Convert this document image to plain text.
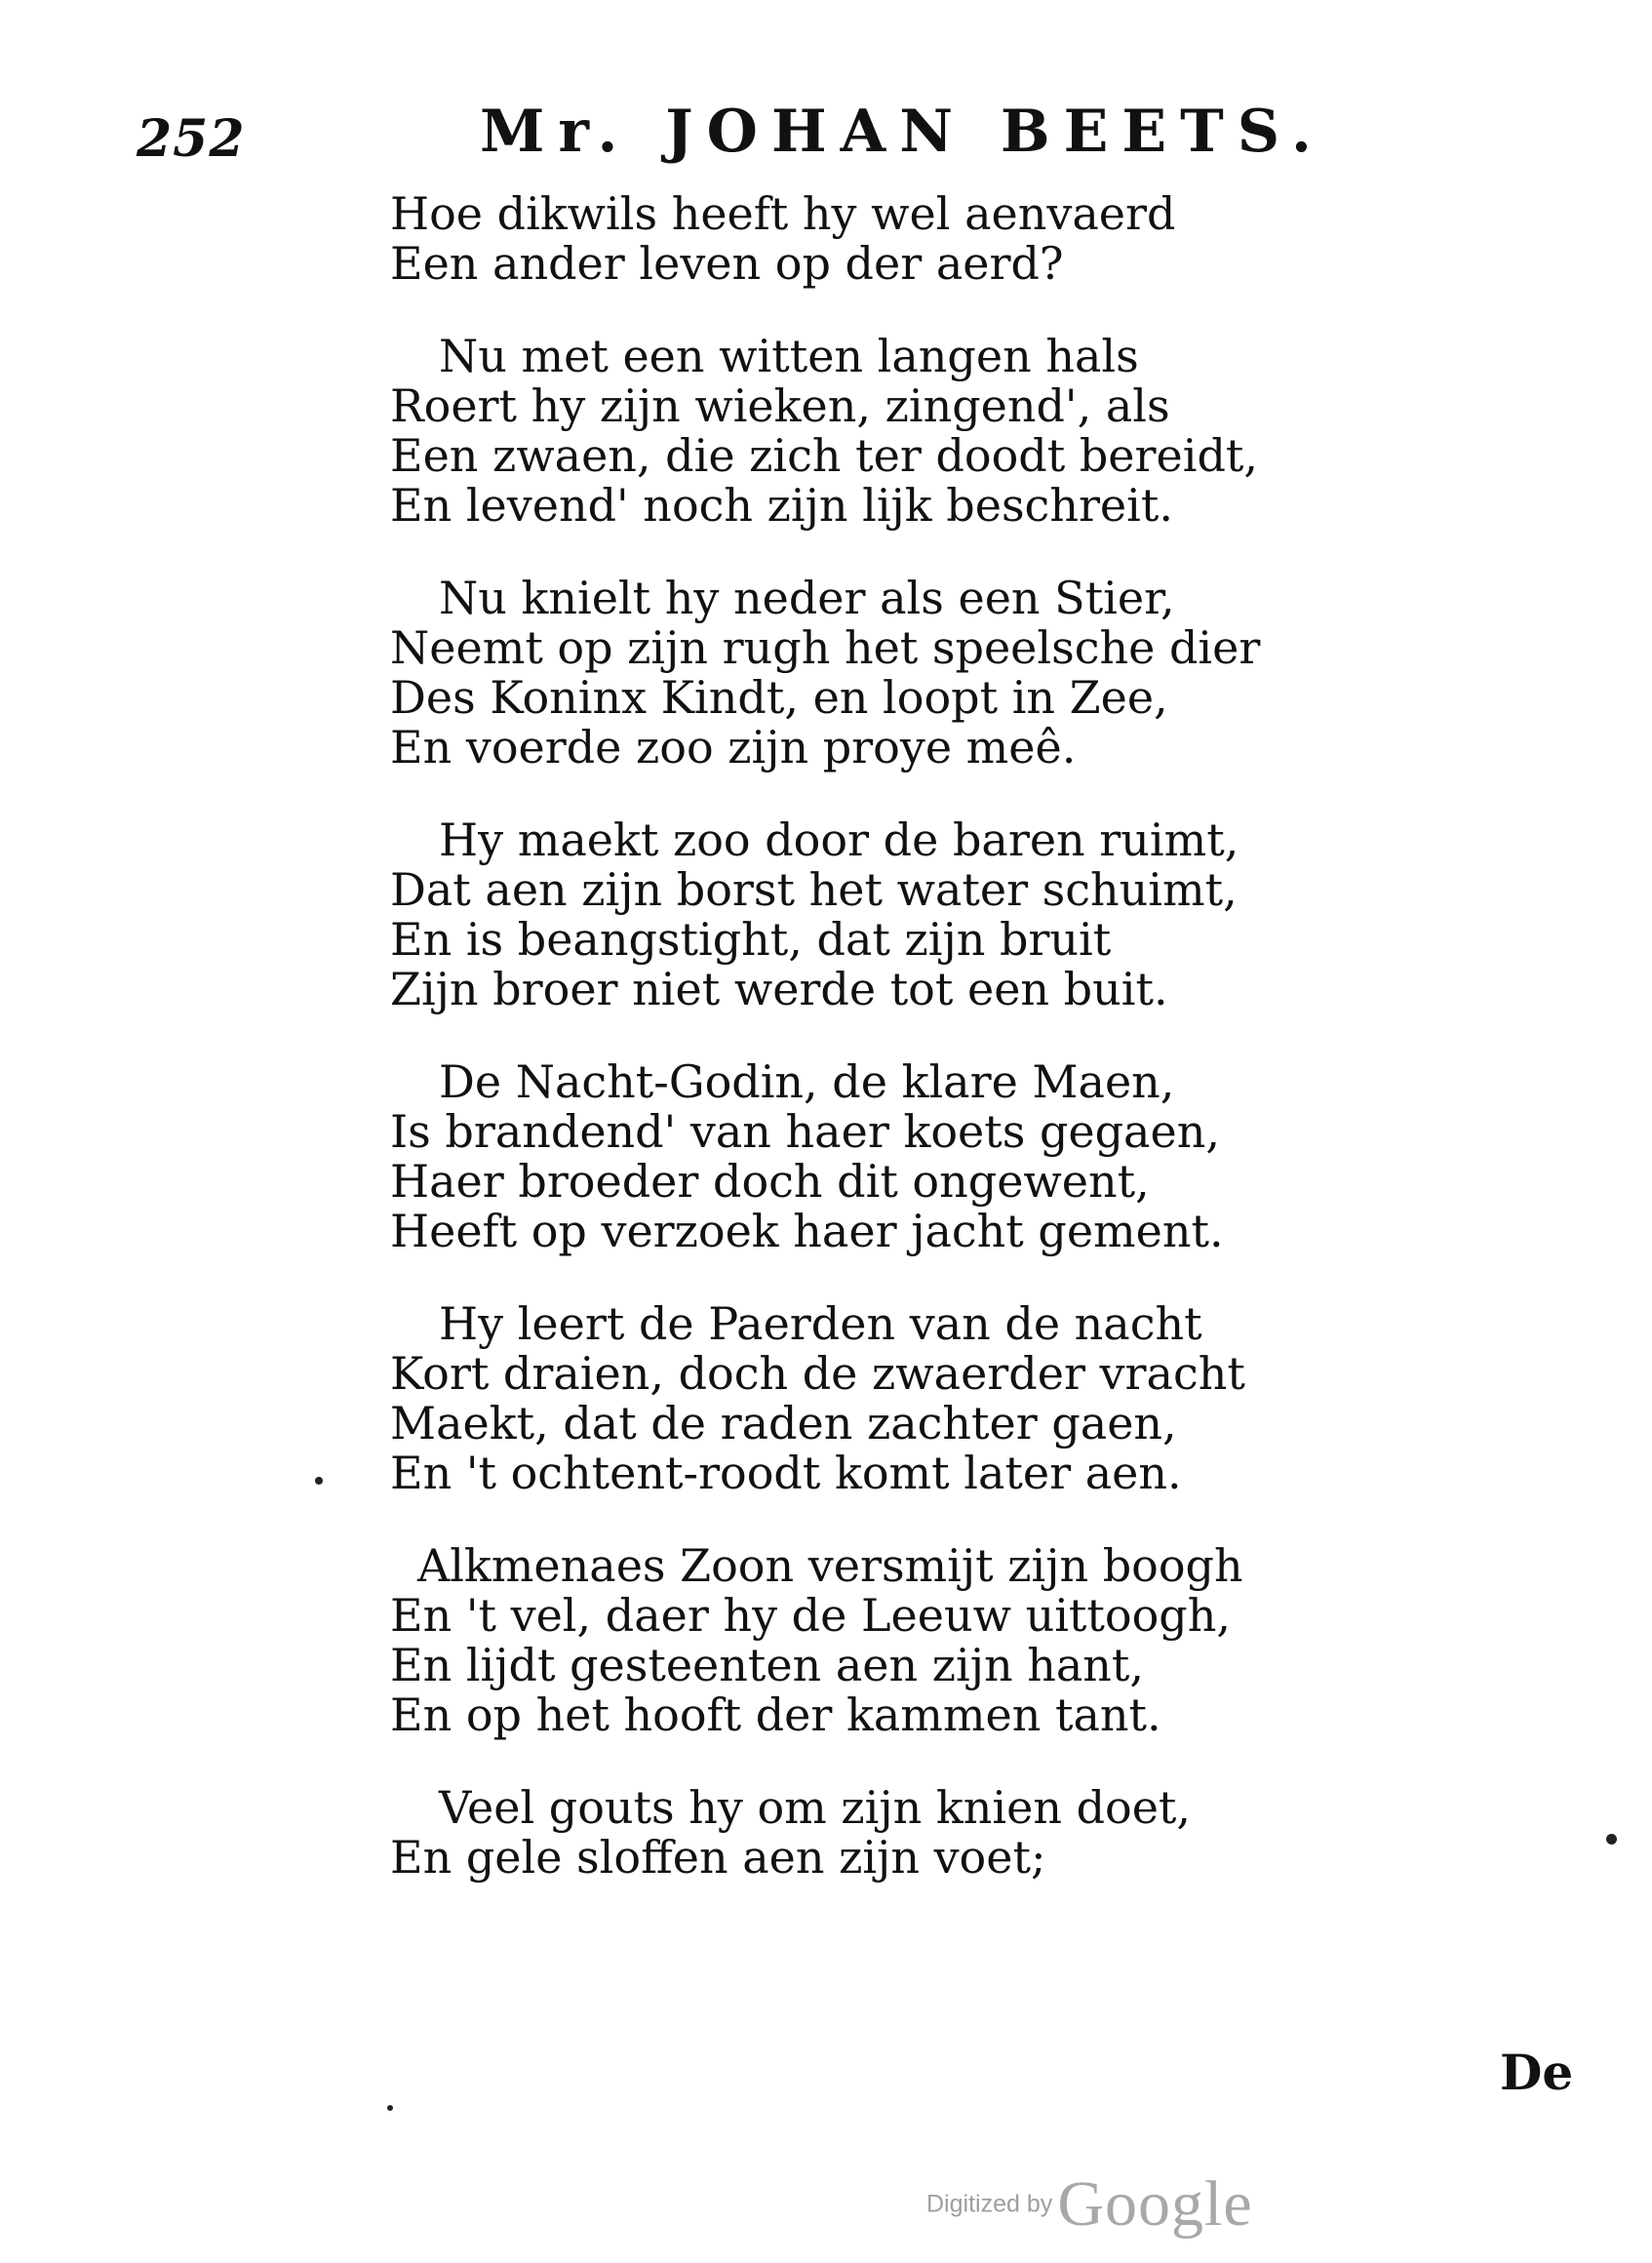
252	Mr. JOHAN BEETS.
Hoe dikwils heeft hy wel aenvaerd
Een ander leven op der aerd?
Nu met een witten langen hals
Roert hy zijn wieken, zingend', als
Een zwaen, die zich ter doodt bereidt,
En levend' noch zijn lijk beschreit.
Nu knielt hy neder als een Stier,
Neemt op zijn rugh het speelsche dier
Des Koninx Kindt, en loopt in Zee,
En voerde zoo zijn proye meê.
Hy maekt zoo door de baren ruimt,
Dat aen zijn borst het water schuimt,
En is beangstight, dat zijn bruit
Zijn broer niet werde tot een buit.
De Nacht-Godin, de klare Maen,
Is brandend' van haer koets gegaen,
Haer broeder doch dit ongewent,
Heeft op verzoek haer jacht gement.
Hy leert de Paerden van de nacht
Kort draien, doch de zwaerder vracht
Maekt, dat de raden zachter gaen,
En 't ochtent-roodt komt later aen.
Alkmenaes Zoon versmijt zijn boogh
En 't vel, daer hy de Leeuw uittoogh,
En lijdt gesteenten aen zijn hant,
En op het hooft der kammen tant.
Veel gouts hy om zijn knien doet,
En gele sloffen aen zijn voet;
De
Digitized by Google
